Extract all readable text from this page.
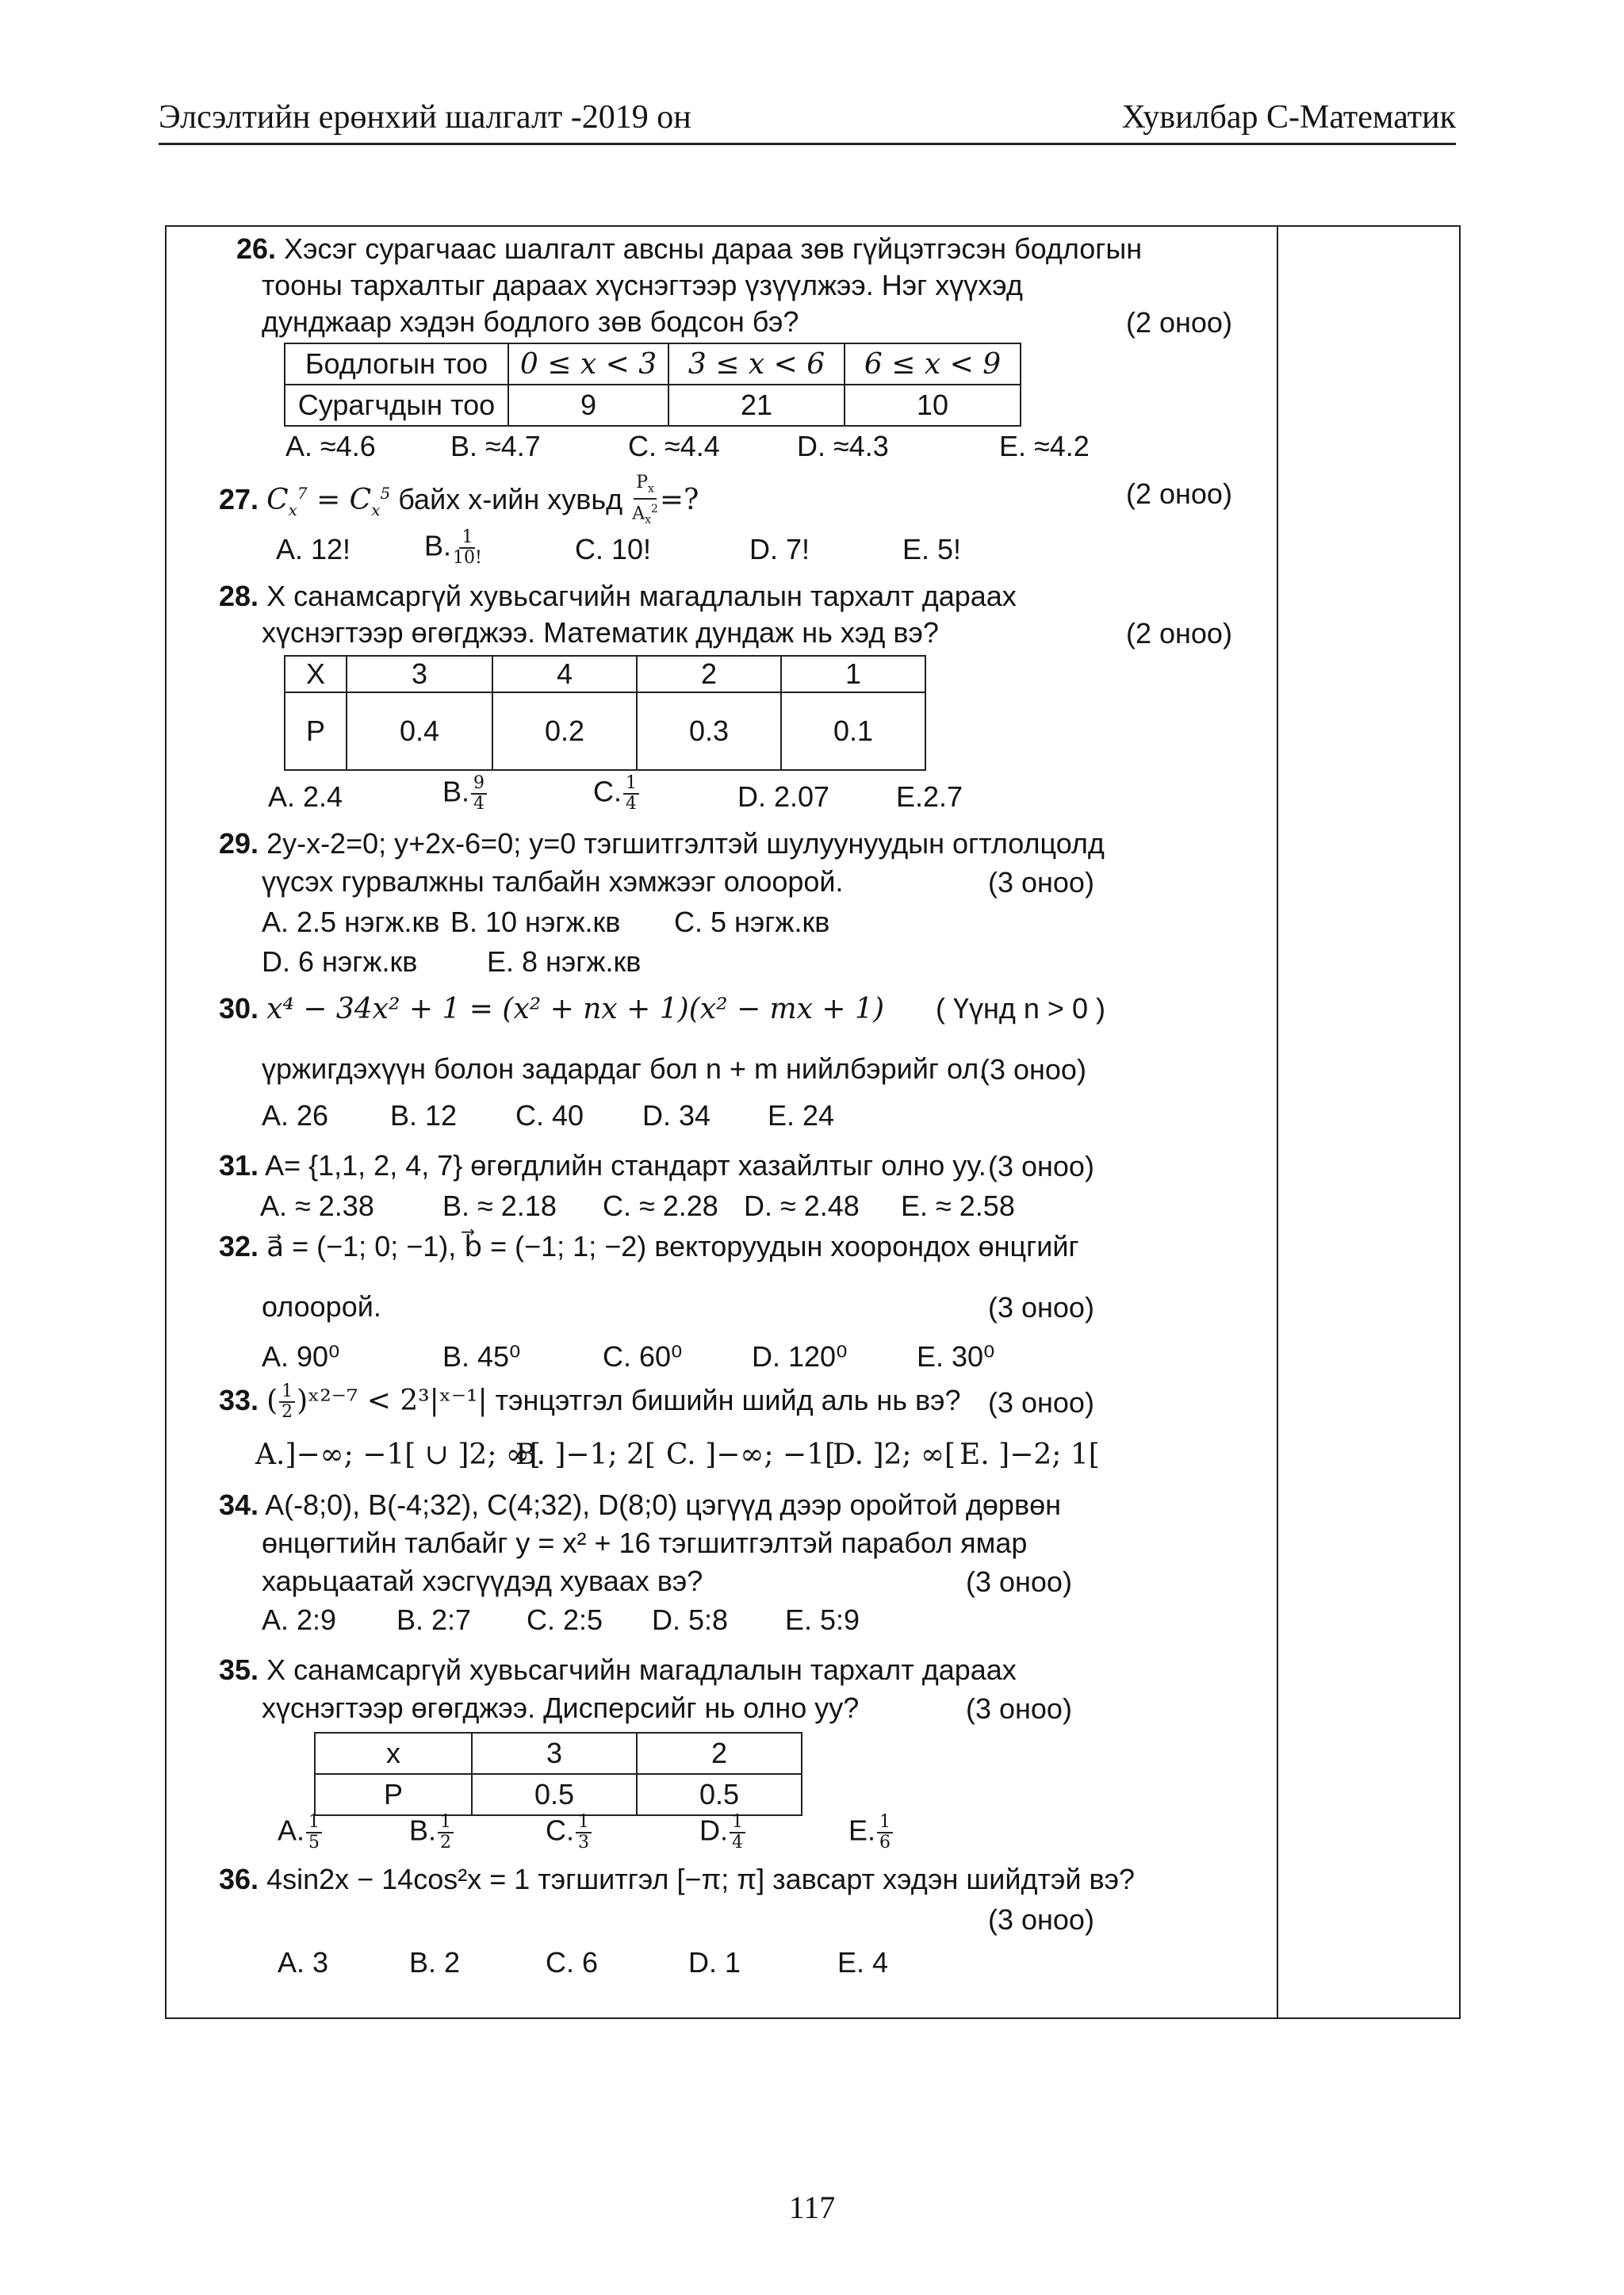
Элсэлтийн ерөнхий шалгалт -2019 он	Хувилбар C-Математик
26. Хэсэг сурагчаас шалгалт авсны дараа зөв гүйцэтгэсэн бодлогын
тооны тархалтыг дараах хүснэгтээр үзүүлжээ. Нэг хүүхэд
дунджаар хэдэн бодлого зөв бодсон бэ?	(2 оноо)
Бодлогын тоо	0 ≤ x < 3	3 ≤ x < 6	6 ≤ x < 9
Сурагчдын тоо	9	21	10
A. ≈4.6	B. ≈4.7	C. ≈4.4	D. ≈4.3	E. ≈4.2
27. $C_x^7 = C_x^5$ байх x-ийн хувьд $\frac{P_x}{A_x^2}$ =?	(2 оноо)
A. 12!	B. $\frac{1}{10!}$	C. 10!	D. 7!	E. 5!
28. X санамсаргүй хувьсагчийн магадлалын тархалт дараах
хүснэгтээр өгөгджээ. Математик дундаж нь хэд вэ?	(2 оноо)
X	3	4	2	1
P	0.4	0.2	0.3	0.1
A. 2.4	B. $\frac{9}{4}$	C. $\frac{1}{4}$	D. 2.07 E.2.7
29. 2y-x-2=0; y+2x-6=0; y=0 тэгшитгэлтэй шулуунуудын огтлолцолд
үүсэх гурвалжны талбайн хэмжээг олоорой.	(3 оноо)
A. 2.5 нэгж.кв B. 10 нэгж.кв C. 5 нэгж.кв
D. 6 нэгж.кв E. 8 нэгж.кв
30. x⁴ − 34x² + 1 = (x² + nx + 1)(x² − mx + 1) ( Үүнд n > 0 )
үржигдэхүүн болон задардаг бол n + m нийлбэрийг ол.
(3 оноо)
A. 26 B. 12 C. 40 D. 34 E. 24
31. A= {1,1, 2, 4, 7} өгөгдлийн стандарт хазайлтыг олно уу. (3 оноо)
A. ≈ 2.38 B. ≈ 2.18 C. ≈ 2.28 D. ≈ 2.48 E. ≈ 2.58
32. a⃗ = (−1; 0; −1), b⃗ = (−1; 1; −2) векторуудын хоорондох өнцгийг
олоорой.	(3 оноо)
A. 90⁰	B. 45⁰	C. 60⁰ D. 120⁰ E. 30⁰
33. ( $\frac{1}{2}$ )ˣ²⁻⁷ < 2³|ˣ⁻¹| тэнцэтгэл бишийн шийд аль нь вэ? (3 оноо)
A.]−∞; −1[ ∪ ]2; ∞[
B. ]−1; 2[ C. ]−∞; −1[
D. ]2; ∞[ E. ]−2; 1[
34. A(-8;0), B(-4;32), C(4;32), D(8;0) цэгүүд дээр оройтой дөрвөн
өнцөгтийн талбайг y = x² + 16 тэгшитгэлтэй парабол ямар
харьцаатай хэсгүүдэд хуваах вэ?	(3 оноо)
A. 2:9 B. 2:7 C. 2:5 D. 5:8 E. 5:9
35. X санамсаргүй хувьсагчийн магадлалын тархалт дараах
хүснэгтээр өгөгджээ. Дисперсийг нь олно уу?	(3 оноо)
x	3	2
P	0.5	0.5
A. $\frac{1}{5}$	B. $\frac{1}{2}$	C. $\frac{1}{3}$	D. $\frac{1}{4}$	E. $\frac{1}{6}$
36. 4sin2x − 14cos²x = 1 тэгшитгэл [−π; π] завсарт хэдэн шийдтэй вэ?
(3 оноо)
A. 3	B. 2	C. 6	D. 1	E. 4
117
